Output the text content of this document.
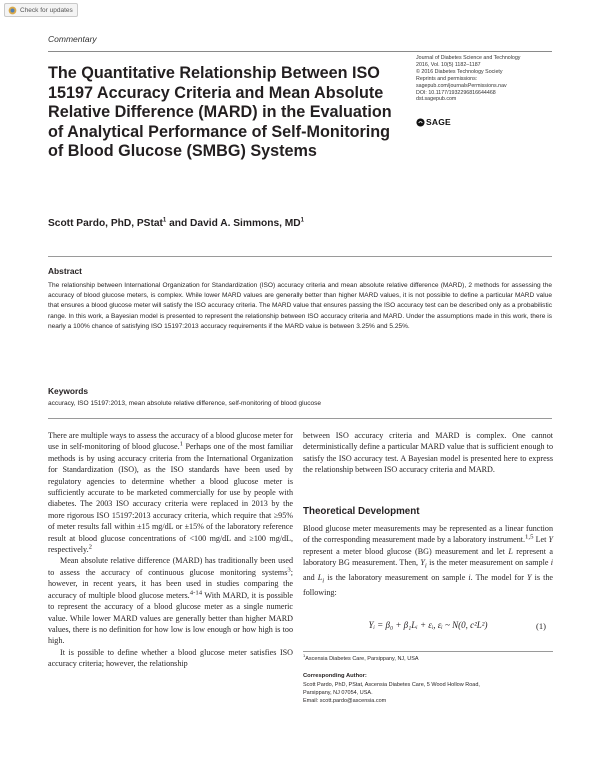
Check for updates
Commentary
The Quantitative Relationship Between ISO 15197 Accuracy Criteria and Mean Absolute Relative Difference (MARD) in the Evaluation of Analytical Performance of Self-Monitoring of Blood Glucose (SMBG) Systems
Journal of Diabetes Science and Technology
2016, Vol. 10(5) 1182–1187
© 2016 Diabetes Technology Society
Reprints and permissions:
sagepub.com/journalsPermissions.nav
DOI: 10.1177/1932296816644468
dst.sagepub.com
SAGE
Scott Pardo, PhD, PStat$^1$ and David A. Simmons, $MD^1$
Abstract

The relationship between International Organization for Standardization (ISO) accuracy criteria and mean absolute relative difference (MARD), 2 methods for assessing the accuracy of blood glucose meters, is complex. While lower MARD values are generally better than higher MARD values, it is not possible to define a particular MARD value that ensures a blood glucose meter will satisfy the ISO accuracy criteria. The MARD value that ensures passing the ISO accuracy test can be described only as a probabilistic range. In this work, a Bayesian model is presented to represent the relationship between ISO accuracy criteria and MARD. Under the assumptions made in this work, there is nearly a 100% chance of satisfying ISO 15197:2013 accuracy requirements if the MARD value is between 3.25% and 5.25%.

Keywords

accuracy, ISO 15197:2013, mean absolute relative difference, self-monitoring of blood glucose

There are multiple ways to assess the accuracy of a blood glucose meter for use in self-monitoring of blood glucose.$^1$ Perhaps one of the most familiar methods is by using accuracy criteria from the International Organization for Standardization (ISO), as the ISO standards have been used by regulatory agencies to determine whether a blood glucose meter is sufficiently accurate to be marketed commercially for use by people with diabetes. The 2003 ISO accuracy criteria were replaced in 2013 by the more rigorous ISO 15197:2013 accuracy criteria, which require that ≥95% of meter results fall within ±15 mg/dL or ±15% of the laboratory reference result at blood glucose concentrations of <100 mg/dL and ≥100 mg/dL, respectively.$^2$

Mean absolute relative difference (MARD) has traditionally been used to assess the accuracy of continuous glucose monitoring systems$^3$; however, in recent years, it has been used in studies comparing the accuracy of multiple blood glucose meters.$^{4-14}$ With MARD, it is possible to represent the accuracy of a blood glucose meter as a single numeric value. While lower MARD values are generally better than higher MARD values, there is no definition for how low is low enough or how high is too high.

It is possible to define whether a blood glucose meter satisfies ISO accuracy criteria; however, the relationship

between ISO accuracy criteria and MARD is complex. One cannot deterministically define a particular MARD value that is sufficient enough to satisfy the ISO accuracy test. A Bayesian model is presented here to express the relationship between ISO accuracy criteria and MARD.

Theoretical Development

Blood glucose meter measurements may be represented as a linear function of the corresponding measurement made by a laboratory instrument.$^{1,5}$ Let Y represent a meter blood glucose (BG) measurement and let L represent a laboratory BG measurement. Then, $Y_i$ is the meter measurement on sample i and $L_i$ is the laboratory measurement on sample i. The model for Y is the following:

Yᵢ = β₀ + β₁Lᵢ + εᵢ, εᵢ ~ N(0, c²L²)	(1)
$^1$Ascensia Diabetes Care, Parsippany, NJ, USA
Corresponding Author:
Scott Pardo, PhD, PStat, Ascensia Diabetes Care, 5 Wood Hollow Road,
Parsippany, NJ 07054, USA.
Email: scott.pardo@ascensia.com
